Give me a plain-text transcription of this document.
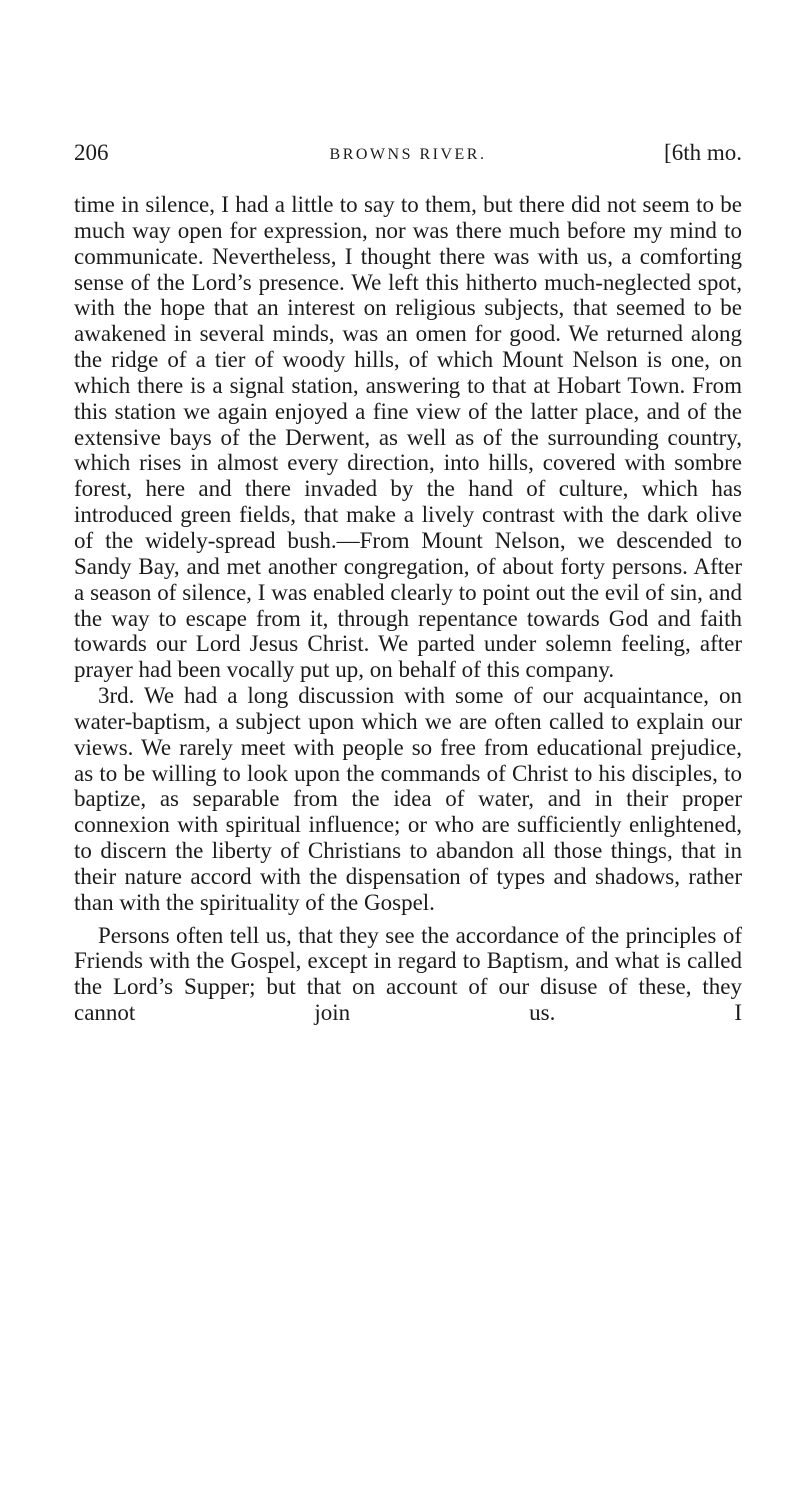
206	BROWNS RIVER.	[6th mo.

time in silence, I had a little to say to them, but there did not seem to be much way open for expression, nor was there much before my mind to communicate. Nevertheless, I thought there was with us, a comforting sense of the Lord’s presence. We left this hitherto much-neglected spot, with the hope that an interest on religious subjects, that seemed to be awakened in several minds, was an omen for good. We returned along the ridge of a tier of woody hills, of which Mount Nelson is one, on which there is a signal station, answering to that at Hobart Town. From this station we again enjoyed a fine view of the latter place, and of the extensive bays of the Derwent, as well as of the surrounding country, which rises in almost every direction, into hills, covered with sombre forest, here and there invaded by the hand of culture, which has introduced green fields, that make a lively contrast with the dark olive of the widely-spread bush.—From Mount Nelson, we descended to Sandy Bay, and met another congregation, of about forty persons. After a season of silence, I was enabled clearly to point out the evil of sin, and the way to escape from it, through repentance towards God and faith towards our Lord Jesus Christ. We parted under solemn feeling, after prayer had been vocally put up, on behalf of this company.

3rd. We had a long discussion with some of our acquaintance, on water-baptism, a subject upon which we are often called to explain our views. We rarely meet with people so free from educational prejudice, as to be willing to look upon the commands of Christ to his disciples, to baptize, as separable from the idea of water, and in their proper connexion with spiritual influence; or who are sufficiently enlightened, to discern the liberty of Christians to abandon all those things, that in their nature accord with the dispensation of types and shadows, rather than with the spirituality of the Gospel.

Persons often tell us, that they see the accordance of the principles of Friends with the Gospel, except in regard to Baptism, and what is called the Lord’s Supper; but that on account of our disuse of these, they cannot join us. I
